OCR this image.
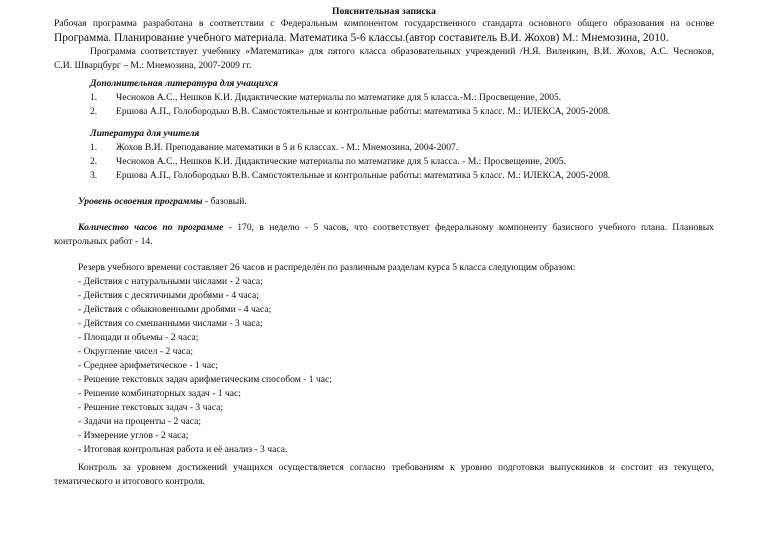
Пояснительная записка
Рабочая программа разработана в соответствии с Федеральным компонентом государственного стандарта основного общего образования на основе
Программа. Планирование учебного материала. Математика 5-6 классы.(автор составитель В.И. Жохов) М.: Мнемозина, 2010.
Программа соответствует учебнику «Математика» для пятого класса образовательных учреждений /Н.Я. Виленкин, В.И. Жохов, А.С. Чесноков,
С.И. Шварцбург – М.: Мнемозина, 2007-2009 гг.
Дополнительная литература для учащихся
1. Чесноков А.С., Нешков К.И. Дидактические материалы по математике для 5 класса.-М.: Просвещение, 2005.
2. Ершова А.П., Голобородько В.В. Самостоятельные и контрольные работы: математика 5 класс. М.: ИЛЕКСА, 2005-2008.
Литература для учителя
1. Жохов В.И. Преподавание математики в 5 и 6 классах. - М.: Мнемозина, 2004-2007.
2. Чесноков А.С., Нешков К.И. Дидактические материалы по математике для 5 класса. - М.: Просвещение, 2005.
3. Ершова А.П., Голобородько В.В. Самостоятельные и контрольные работы: математика 5 класс. М.: ИЛЕКСА, 2005-2008.
Уровень освоения программы - базовый.
Количество часов по программе - 170, в неделю - 5 часов, что соответствует федеральному компоненту базисного учебного плана. Плановых
контрольных работ - 14.
Резерв учебного времени составляет 26 часов и распределён по различным разделам курса 5 класса следующим образом:
- Действия с натуральными числами - 2 часа;
- Действия с десятичными дробями - 4 часа;
- Действия с обыкновенными дробями - 4 часа;
- Действия со смешанными числами - 3 часа;
- Площади и объемы - 2 часа;
- Округление чисел - 2 часа;
- Среднее арифметическое - 1 час;
- Решение текстовых задач арифметическим способом - 1 час;
- Решение комбинаторных задач - 1 час;
- Решение текстовых задач - 3 часа;
- Задачи на проценты - 2 часа;
- Измерение углов - 2 часа;
- Итоговая контрольная работа и её анализ - 3 часа.
Контроль за уровнем достижений учащихся осуществляется согласно требованиям к уровню подготовки выпускников и состоит из текущего,
тематического и итогового контроля.
